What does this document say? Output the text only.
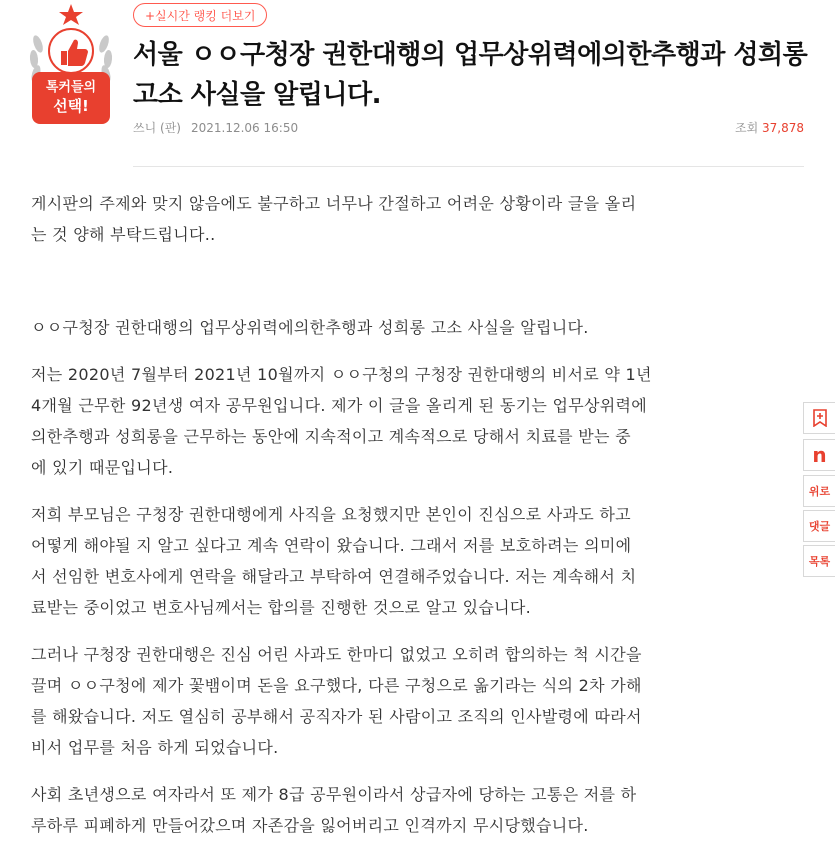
톡커들의
선택!
+실시간 랭킹 더보기
서울 ㅇㅇ구청장 권한대행의 업무상위력에의한추행과 성희롱 고소 사실을 알립니다.
쓰니 (판) 2021.12.06 16:50	조회 37,878

게시판의 주제와 맞지 않음에도 불구하고 너무나 간절하고 어려운 상황이라 글을 올리

는 것 양해 부탁드립니다..

ㅇㅇ구청장 권한대행의 업무상위력에의한추행과 성희롱 고소 사실을 알립니다.

저는 2020년 7월부터 2021년 10월까지 ㅇㅇ구청의 구청장 권한대행의 비서로 약 1년

4개월 근무한 92년생 여자 공무원입니다. 제가 이 글을 올리게 된 동기는 업무상위력에

의한추행과 성희롱을 근무하는 동안에 지속적이고 계속적으로 당해서 치료를 받는 중

에 있기 때문입니다.

저희 부모님은 구청장 권한대행에게 사직을 요청했지만 본인이 진심으로 사과도 하고

어떻게 해야될 지 알고 싶다고 계속 연락이 왔습니다. 그래서 저를 보호하려는 의미에

서 선임한 변호사에게 연락을 해달라고 부탁하여 연결해주었습니다. 저는 계속해서 치

료받는 중이었고 변호사님께서는 합의를 진행한 것으로 알고 있습니다.

그러나 구청장 권한대행은 진심 어린 사과도 한마디 없었고 오히려 합의하는 척 시간을

끌며 ㅇㅇ구청에 제가 꽃뱀이며 돈을 요구했다, 다른 구청으로 옮기라는 식의 2차 가해

를 해왔습니다. 저도 열심히 공부해서 공직자가 된 사람이고 조직의 인사발령에 따라서

비서 업무를 처음 하게 되었습니다.

사회 초년생으로 여자라서 또 제가 8급 공무원이라서 상급자에 당하는 고통은 저를 하

루하루 피폐하게 만들어갔으며 자존감을 잃어버리고 인격까지 무시당했습니다.

n
위로
댓글
목록
